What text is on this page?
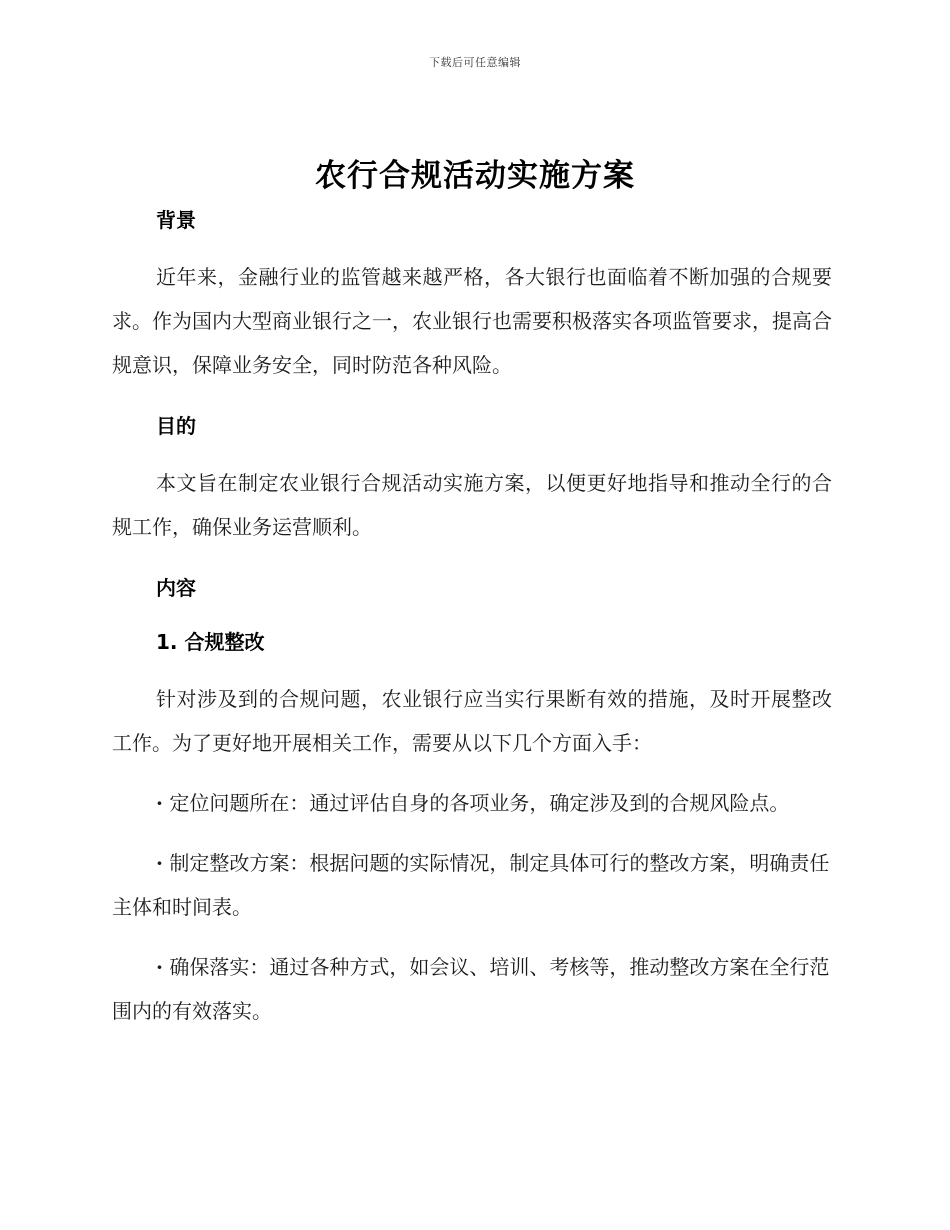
下载后可任意编辑
农行合规活动实施方案
背景

近年来，金融行业的监管越来越严格，各大银行也面临着不断加强的合规要求。作为国内大型商业银行之一，农业银行也需要积极落实各项监管要求，提高合规意识，保障业务安全，同时防范各种风险。

目的

本文旨在制定农业银行合规活动实施方案，以便更好地指导和推动全行的合规工作，确保业务运营顺利。

内容
1. 合规整改

针对涉及到的合规问题，农业银行应当实行果断有效的措施，及时开展整改工作。为了更好地开展相关工作，需要从以下几个方面入手：

· 定位问题所在：通过评估自身的各项业务，确定涉及到的合规风险点。

· 制定整改方案：根据问题的实际情况，制定具体可行的整改方案，明确责任主体和时间表。

· 确保落实：通过各种方式，如会议、培训、考核等，推动整改方案在全行范围内的有效落实。
